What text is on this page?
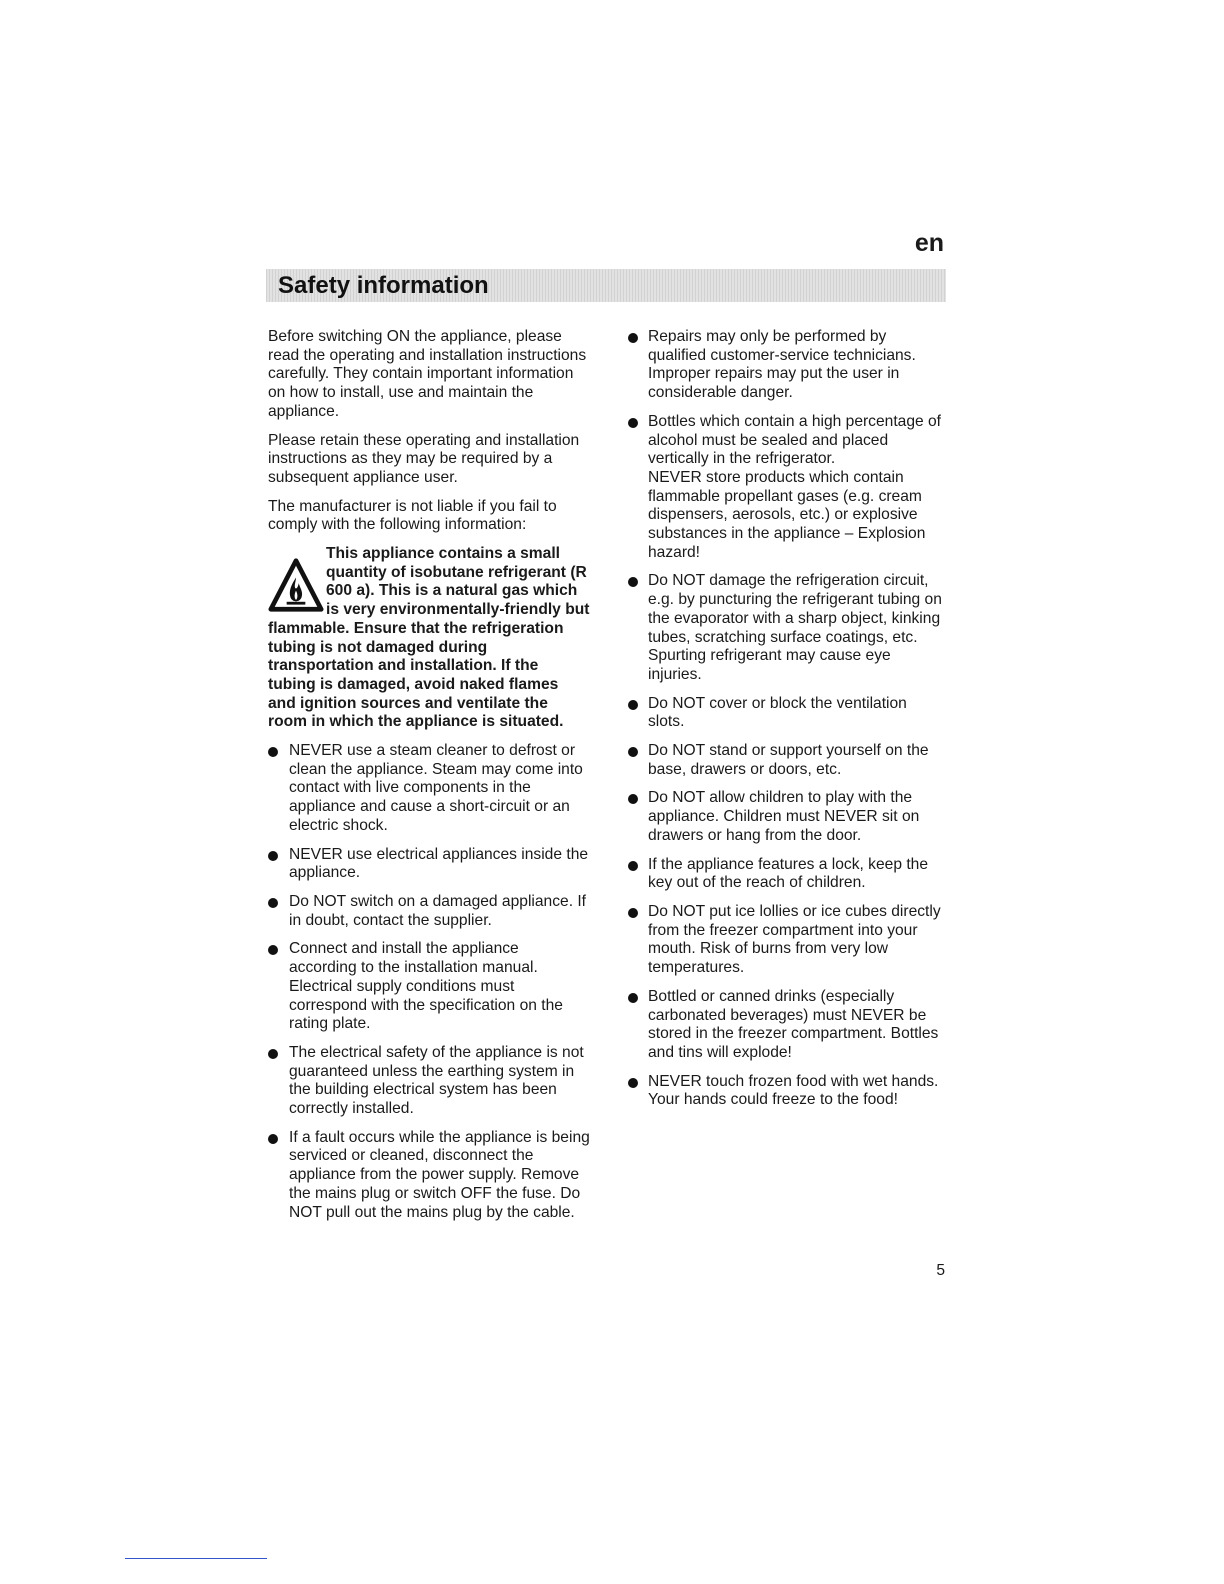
en
Safety information

Before switching ON the appliance, please read the operating and installation instructions carefully. They contain important information on how to install, use and maintain the appliance.

Please retain these operating and installation instructions as they may be required by a subsequent appliance user.

The manufacturer is not liable if you fail to comply with the following information:

This appliance contains a small quantity of isobutane refrigerant (R 600 a). This is a natural gas which is very environmentally-friendly but flammable. Ensure that the refrigeration tubing is not damaged during transportation and installation. If the tubing is damaged, avoid naked flames and ignition sources and ventilate the room in which the appliance is situated.
NEVER use a steam cleaner to defrost or clean the appliance. Steam may come into contact with live components in the appliance and cause a short-circuit or an electric shock.
NEVER use electrical appliances inside the appliance.
Do NOT switch on a damaged appliance. If in doubt, contact the supplier.
Connect and install the appliance according to the installation manual. Electrical supply conditions must correspond with the specification on the rating plate.
The electrical safety of the appliance is not guaranteed unless the earthing system in the building electrical system has been correctly installed.
If a fault occurs while the appliance is being serviced or cleaned, disconnect the appliance from the power supply. Remove the mains plug or switch OFF the fuse. Do NOT pull out the mains plug by the cable.
Repairs may only be performed by qualified customer-service technicians. Improper repairs may put the user in considerable danger.
Bottles which contain a high percentage of alcohol must be sealed and placed vertically in the refrigerator.
NEVER store products which contain flammable propellant gases (e.g. cream dispensers, aerosols, etc.) or explosive substances in the appliance – Explosion hazard!
Do NOT damage the refrigeration circuit, e.g. by puncturing the refrigerant tubing on the evaporator with a sharp object, kinking tubes, scratching surface coatings, etc. Spurting refrigerant may cause eye injuries.
Do NOT cover or block the ventilation slots.
Do NOT stand or support yourself on the base, drawers or doors, etc.
Do NOT allow children to play with the appliance. Children must NEVER sit on drawers or hang from the door.
If the appliance features a lock, keep the key out of the reach of children.
Do NOT put ice lollies or ice cubes directly from the freezer compartment into your mouth. Risk of burns from very low temperatures.
Bottled or canned drinks (especially carbonated beverages) must NEVER be stored in the freezer compartment. Bottles and tins will explode!
NEVER touch frozen food with wet hands. Your hands could freeze to the food!
5
